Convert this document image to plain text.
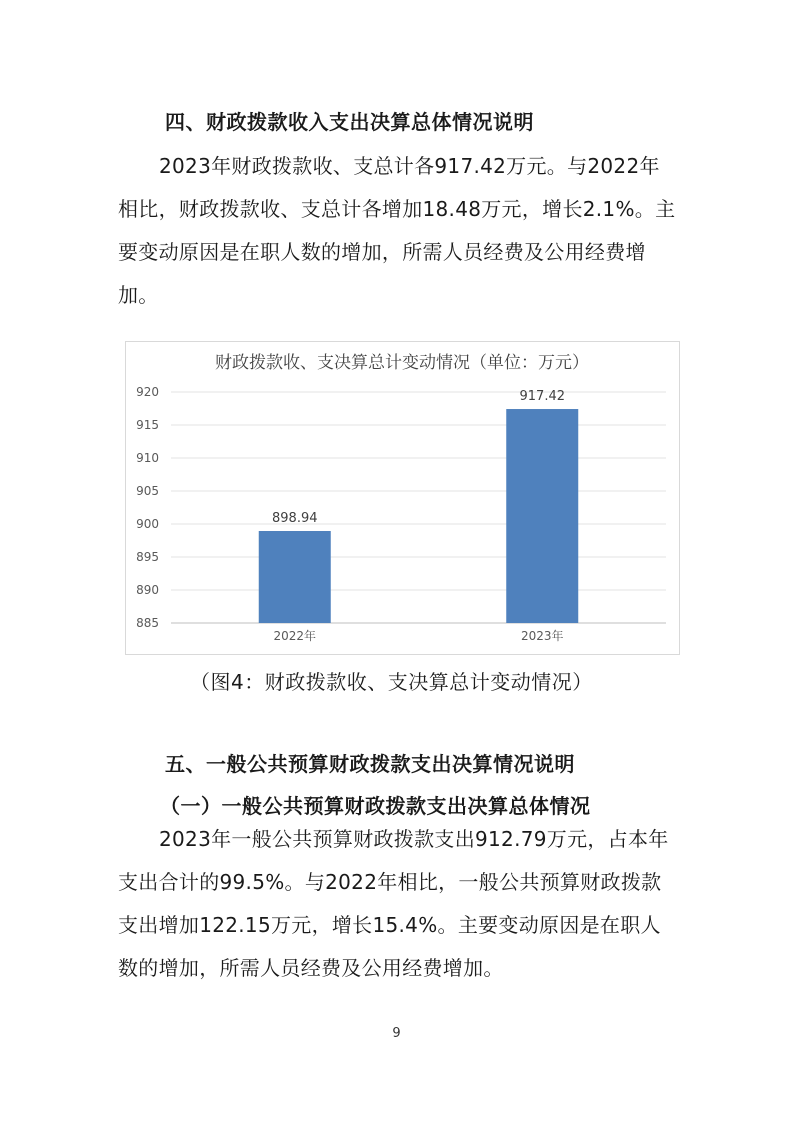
四、财政拨款收入支出决算总体情况说明

2023年财政拨款收、支总计各917.42万元。与2022年相比，财政拨款收、支总计各增加18.48万元，增长2.1%。主要变动原因是在职人数的增加，所需人员经费及公用经费增加。

财政拨款收、支决算总计变动情况（单位：万元）
885
890
895
900
905
910
915
920
898.94
2022年
917.42
2023年
（图4：财政拨款收、支决算总计变动情况）
五、一般公共预算财政拨款支出决算情况说明
（一）一般公共预算财政拨款支出决算总体情况

2023年一般公共预算财政拨款支出912.79万元，占本年支出合计的99.5%。与2022年相比，一般公共预算财政拨款支出增加122.15万元，增长15.4%。主要变动原因是在职人数的增加，所需人员经费及公用经费增加。

9
